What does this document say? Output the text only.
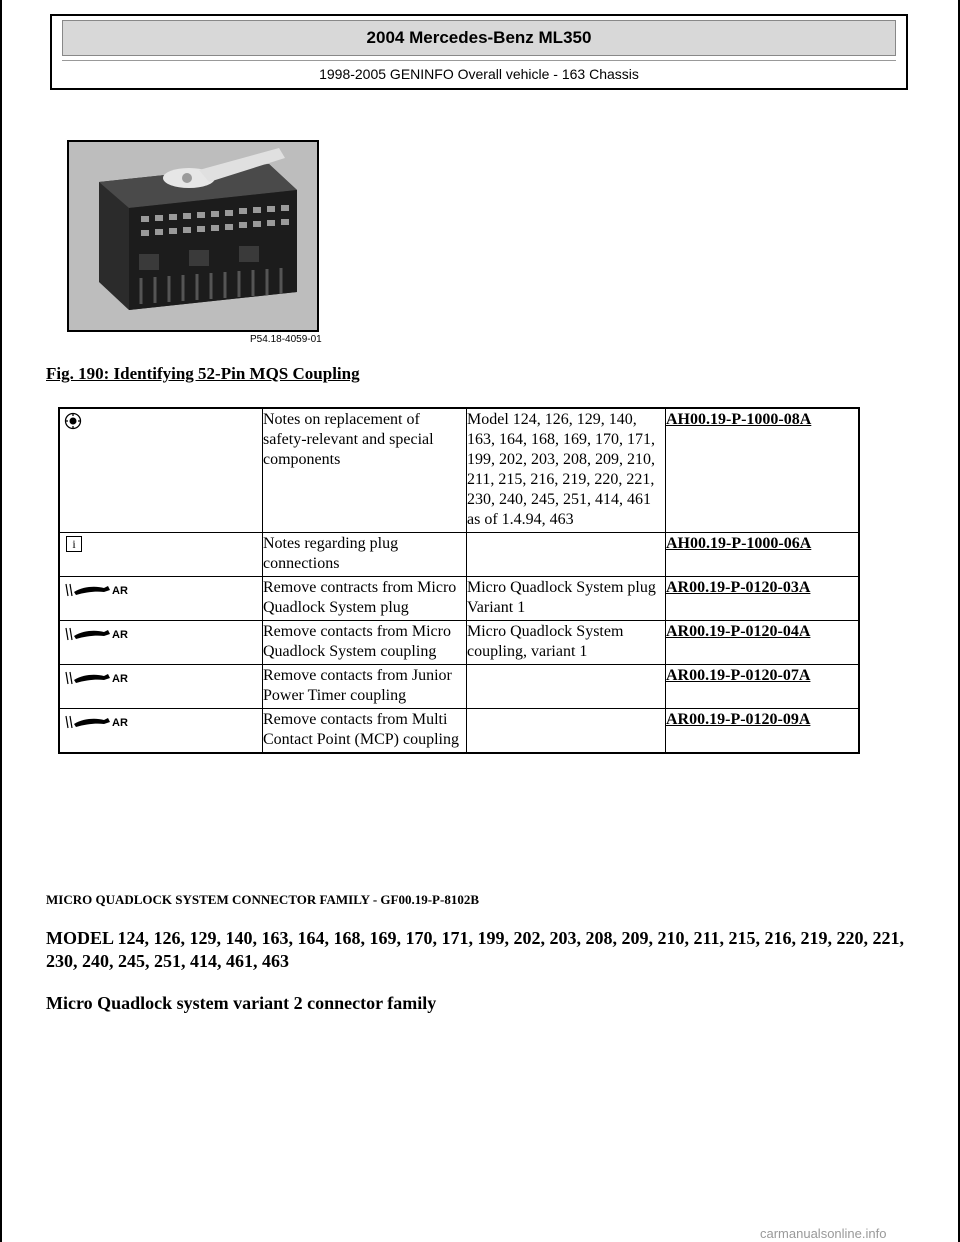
2004 Mercedes-Benz ML350
1998-2005 GENINFO Overall vehicle - 163 Chassis
P54.18-4059-01
Fig. 190: Identifying 52-Pin MQS Coupling
	Notes on replacement of safety-relevant and special components	Model 124, 126, 129, 140, 163, 164, 168, 169, 170, 171, 199, 202, 203, 208, 209, 210, 211, 215, 216, 219, 220, 221, 230, 240, 245, 251, 414, 461 as of 1.4.94, 463	AH00.19-P-1000-08A
i	Notes regarding plug connections		AH00.19-P-1000-06A

AR	Remove contracts from Micro Quadlock System plug	Micro Quadlock System plug Variant 1	AR00.19-P-0120-03A

AR	Remove contacts from Micro Quadlock System coupling	Micro Quadlock System coupling, variant 1	AR00.19-P-0120-04A

AR	Remove contacts from Junior Power Timer coupling		AR00.19-P-0120-07A

AR	Remove contacts from Multi Contact Point (MCP) coupling		AR00.19-P-0120-09A
MICRO QUADLOCK SYSTEM CONNECTOR FAMILY - GF00.19-P-8102B
MODEL 124, 126, 129, 140, 163, 164, 168, 169, 170, 171, 199, 202, 203, 208, 209, 210, 211, 215, 216, 219, 220, 221, 230, 240, 245, 251, 414, 461, 463
Micro Quadlock system variant 2 connector family
carmanualsonline.info
